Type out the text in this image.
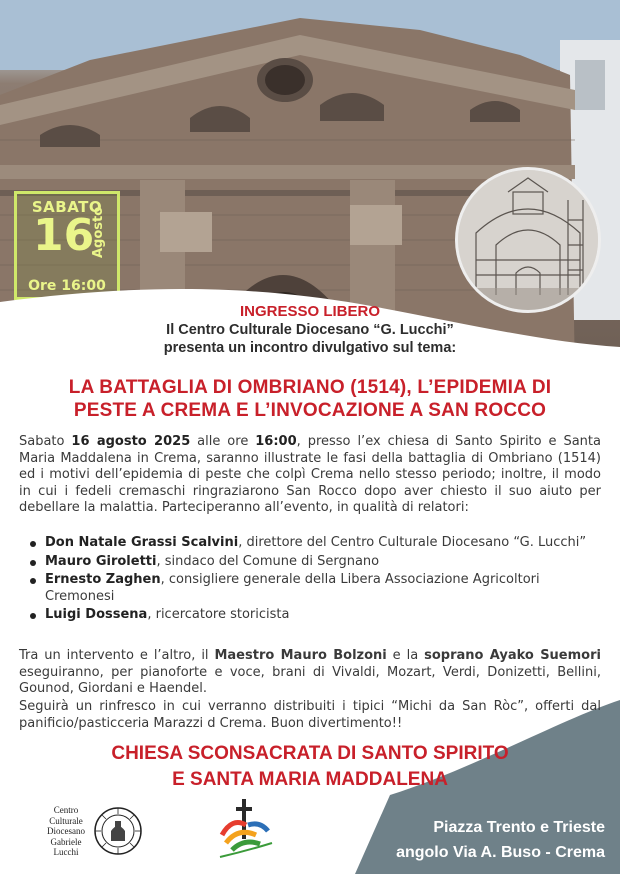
SABATO
16
Agosto
Ore 16:00
INGRESSO LIBERO
Il Centro Culturale Diocesano “G. Lucchi”
presenta un incontro divulgativo sul tema:
LA BATTAGLIA DI OMBRIANO (1514), L’EPIDEMIA DI
PESTE A CREMA E L’INVOCAZIONE A SAN ROCCO
Sabato 16 agosto 2025 alle ore 16:00, presso l’ex chiesa di Santo Spirito e Santa Maria Maddalena in Crema, saranno illustrate le fasi della battaglia di Ombriano (1514) ed i motivi dell’epidemia di peste che colpì Crema nello stesso periodo; inoltre, il modo in cui i fedeli cremaschi ringraziarono San Rocco dopo aver chiesto il suo aiuto per debellare la malattia. Parteciperanno all’evento, in qualità di relatori:
Don Natale Grassi Scalvini, direttore del Centro Culturale Diocesano “G. Lucchi”
Mauro Giroletti, sindaco del Comune di Sergnano
Ernesto Zaghen, consigliere generale della Libera Associazione Agricoltori Cremonesi
Luigi Dossena, ricercatore storicista
Tra un intervento e l’altro, il Maestro Mauro Bolzoni e la soprano Ayako Suemori eseguiranno, per pianoforte e voce, brani di Vivaldi, Mozart, Verdi, Donizetti, Bellini, Gounod, Giordani e Haendel.
Seguirà un rinfresco in cui verranno distribuiti i tipici “Michi da San Ròc”, offerti dal panificio/pasticceria Marazzi d Crema. Buon divertimento!!
CHIESA SCONSACRATA DI SANTO SPIRITO
E SANTA MARIA MADDALENA
Centro
Culturale
Diocesano
Gabriele
Lucchi
Piazza Trento e Trieste
angolo Via A. Buso - Crema
